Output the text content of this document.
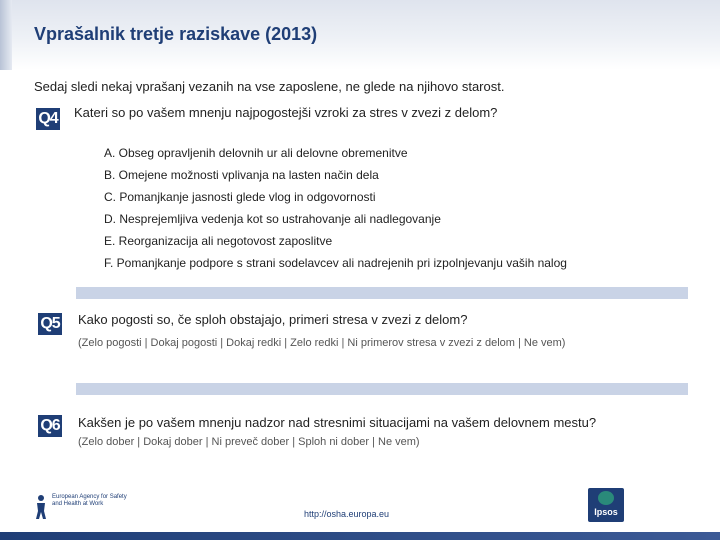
Vprašalnik tretje raziskave (2013)
Sedaj sledi nekaj vprašanj vezanih na vse zaposlene, ne glede na njihovo starost.
Q4 Kateri so po vašem mnenju najpogostejši vzroki za stres v zvezi z delom?
A. Obseg opravljenih delovnih ur ali delovne obremenitve
B. Omejene možnosti vplivanja na lasten način dela
C. Pomanjkanje jasnosti glede vlog in odgovornosti
D. Nesprejemljiva vedenja kot so ustrahovanje ali nadlegovanje
E. Reorganizacija ali negotovost zaposlitve
F. Pomanjkanje podpore s strani sodelavcev ali nadrejenih pri izpolnjevanju vaših nalog
Q5 Kako pogosti so, če sploh obstajajo, primeri stresa v zvezi z delom?
(Zelo pogosti | Dokaj pogosti | Dokaj redki | Zelo redki | Ni primerov stresa v zvezi z delom | Ne vem)
Q6 Kakšen je po vašem mnenju nadzor nad stresnimi situacijami na vašem delovnem mestu?
(Zelo dober | Dokaj dober | Ni preveč dober | Sploh ni dober | Ne vem)
European Agency for Safety and Health at Work
http://osha.europa.eu	Ipsos
